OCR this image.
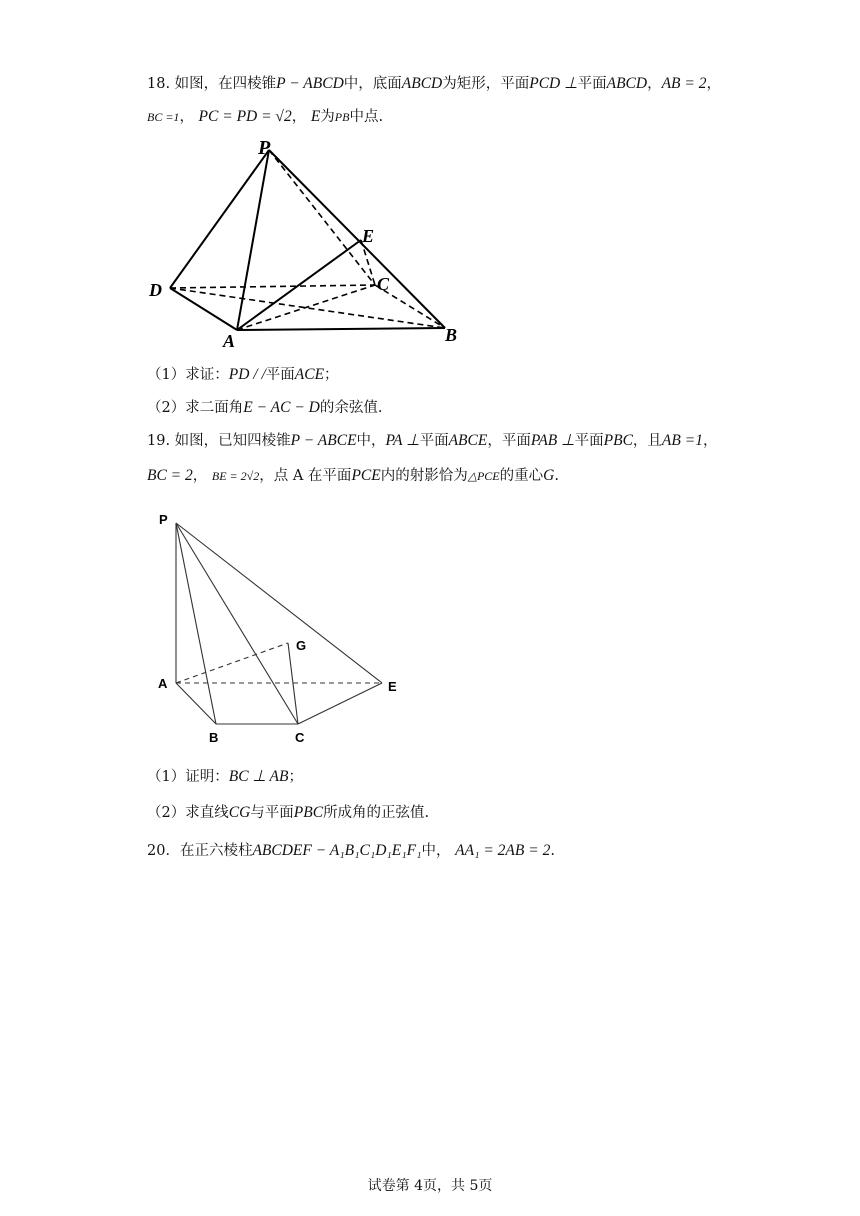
18. 如图，在四棱锥P − ABCD中，底面ABCD为矩形，平面PCD ⊥平面ABCD，AB = 2，
BC =1， PC = PD = √2， E为PB中点.
P
E
D	C
A	B
（1）求证：PD / /平面ACE；
（2）求二面角E − AC − D的余弦值.
19. 如图，已知四棱锥P − ABCE中，PA ⊥平面ABCE，平面PAB ⊥平面PBC，且AB =1，
BC = 2， BE = 2√2，点 A 在平面PCE内的射影恰为△PCE的重心G.
P
G
A	E
B	C
（1）证明：BC ⊥ AB；
（2）求直线CG与平面PBC所成角的正弦值.
20．在正六棱柱ABCDEF − A₁B₁C₁D₁E₁F₁中， AA₁ = 2AB = 2.
试卷第 4页，共 5页
